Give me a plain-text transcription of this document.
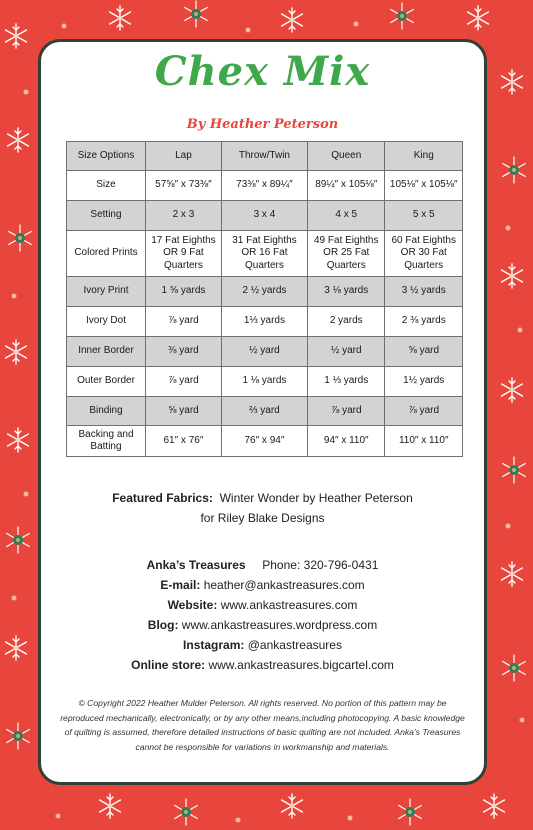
Chex Mix
By Heather Peterson
Size Options	Lap	Throw/Twin	Queen	King
Size	57⅝″ x 73⅜″	73⅜″ x 89¼″	89¼″ x 105⅛″	105⅛″ x 105⅛″
Setting	2 x 3	3 x 4	4 x 5	5 x 5
Colored Prints	17 Fat Eighths OR 9 Fat Quarters	31 Fat Eighths OR 16 Fat Quarters	49 Fat Eighths OR 25 Fat Quarters	60 Fat Eighths OR 30 Fat Quarters
Ivory Print	1 ⅝ yards	2 ½ yards	3 ⅛ yards	3 ½ yards
Ivory Dot	⅞ yard	1⅓ yards	2 yards	2 ⅜ yards
Inner Border	⅜ yard	½ yard	½ yard	⅝ yard
Outer Border	⅞ yard	1 ⅛ yards	1 ⅓ yards	1½ yards
Binding	⅝ yard	⅔ yard	⅞ yard	⅞ yard
Backing and Batting	61″ x 76″	76″ x 94″	94″ x 110″	110″ x 110″
Featured Fabrics: Winter Wonder by Heather Peterson
for Riley Blake Designs
Anka’s Treasures Phone: 320-796-0431
E-mail: heather@ankastreasures.com
Website: www.ankastreasures.com
Blog: www.ankastreasures.wordpress.com
Instagram: @ankastreasures
Online store: www.ankastreasures.bigcartel.com
© Copyright 2022 Heather Mulder Peterson. All rights reserved. No portion of this pattern may be reproduced mechanically, electronically, or by any other means,including photocopying. A basic knowledge of quilting is assumed, therefore detailed instructions of basic quilting are not included. Anka’s Treasures cannot be responsible for variations in workmanship and materials.
